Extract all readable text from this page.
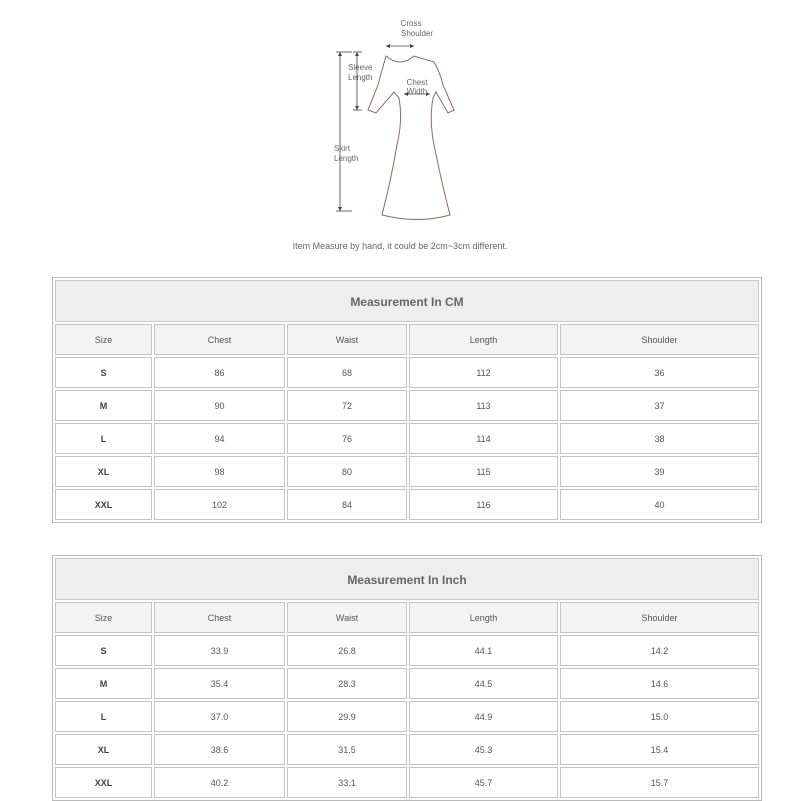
Cross
Shoulder
Chest
Width
Sleeve
Length
Skirt
Length
Item Measure by hand, it could be 2cm~3cm different.
Measurement In CM
Size	Chest	Waist	Length	Shoulder
S	86	68	112	36
M	90	72	113	37
L	94	76	114	38
XL	98	80	115	39
XXL	102	84	116	40
Measurement In Inch
Size	Chest	Waist	Length	Shoulder
S	33.9	26.8	44.1	14.2
M	35.4	28.3	44.5	14.6
L	37.0	29.9	44.9	15.0
XL	38.6	31.5	45.3	15.4
XXL	40.2	33.1	45.7	15.7
